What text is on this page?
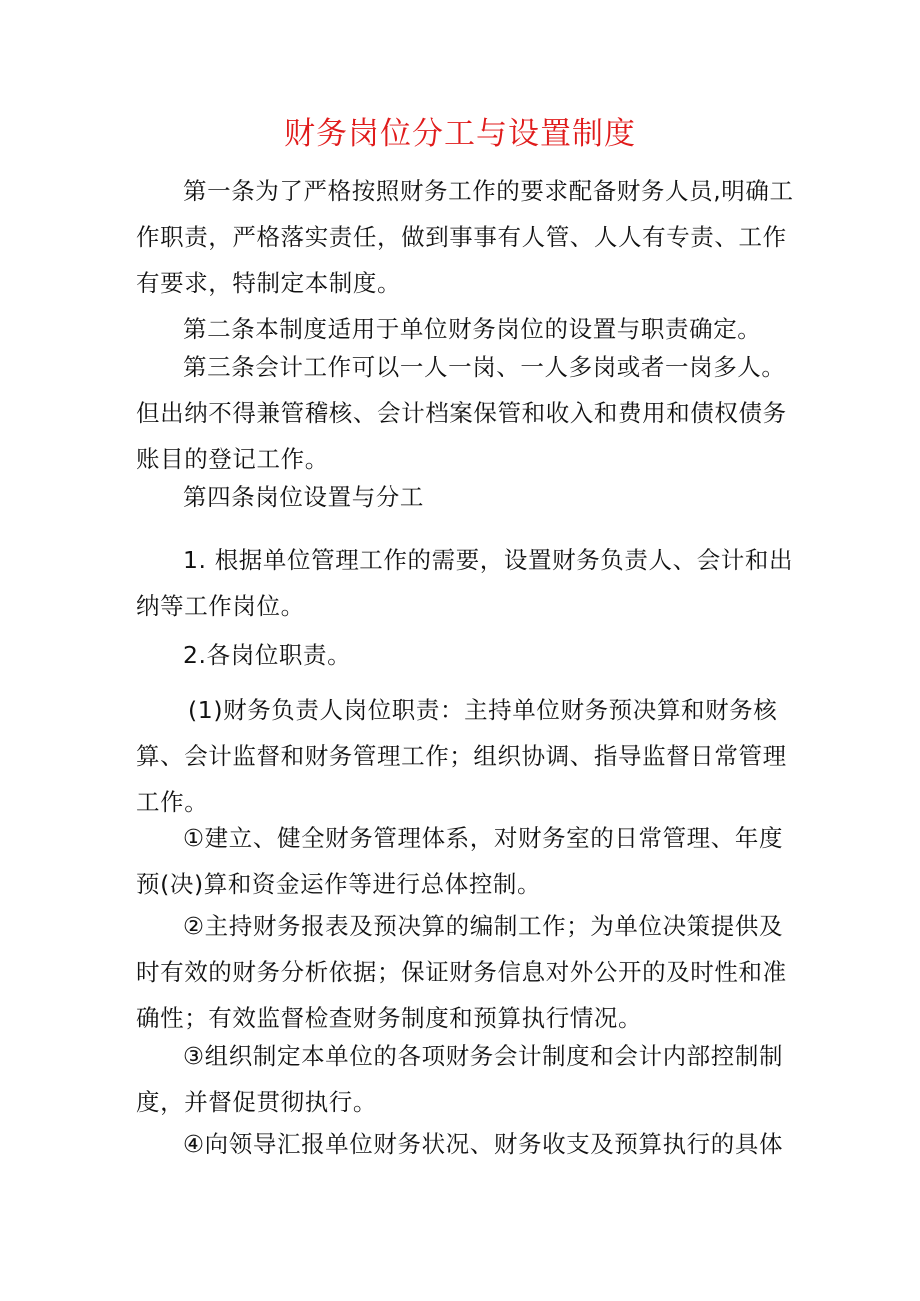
财务岗位分工与设置制度

第一条为了严格按照财务工作的要求配备财务人员,明确工作职责，严格落实责任，做到事事有人管、人人有专责、工作有要求，特制定本制度。

第二条本制度适用于单位财务岗位的设置与职责确定。

第三条会计工作可以一人一岗、一人多岗或者一岗多人。但出纳不得兼管稽核、会计档案保管和收入和费用和债权债务账目的登记工作。

第四条岗位设置与分工

1. 根据单位管理工作的需要，设置财务负责人、会计和出纳等工作岗位。

2.各岗位职责。

(1)财务负责人岗位职责：主持单位财务预决算和财务核算、会计监督和财务管理工作；组织协调、指导监督日常管理工作。

①建立、健全财务管理体系，对财务室的日常管理、年度预(决)算和资金运作等进行总体控制。

②主持财务报表及预决算的编制工作；为单位决策提供及时有效的财务分析依据；保证财务信息对外公开的及时性和准确性；有效监督检查财务制度和预算执行情况。

③组织制定本单位的各项财务会计制度和会计内部控制制度，并督促贯彻执行。

④向领导汇报单位财务状况、财务收支及预算执行的具体
